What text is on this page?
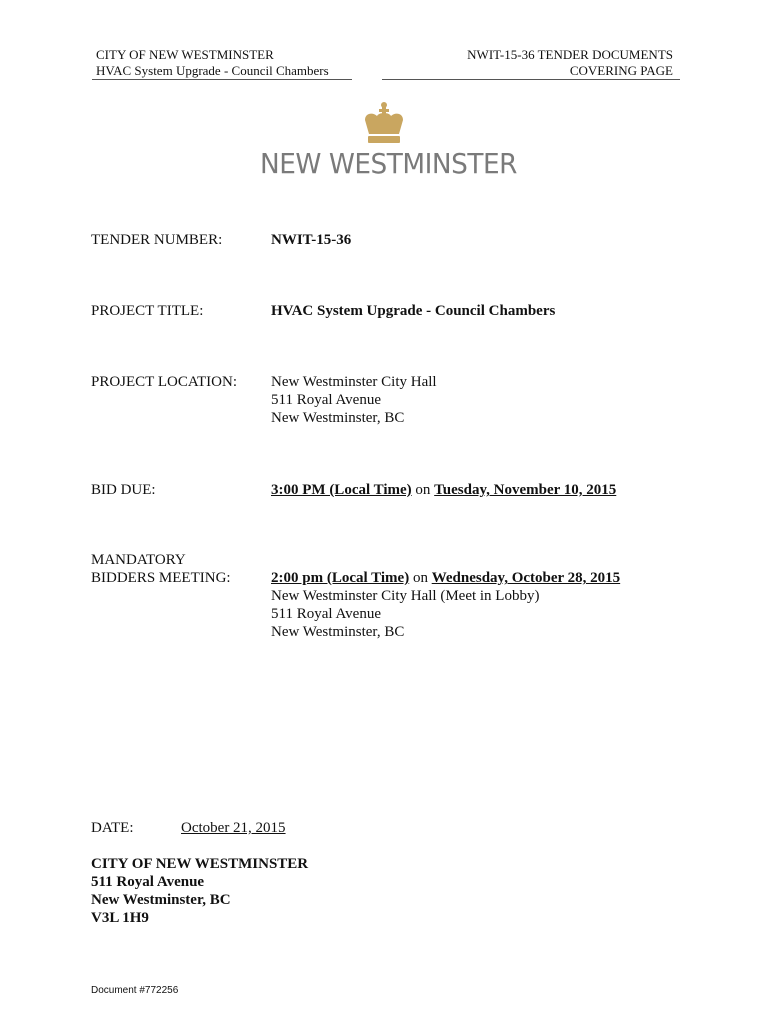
CITY OF NEW WESTMINSTER
HVAC System Upgrade - Council Chambers
NWIT-15-36 TENDER DOCUMENTS
COVERING PAGE
NEW WESTMINSTER
TENDER NUMBER:	NWIT-15-36
PROJECT TITLE:	HVAC System Upgrade - Council Chambers
PROJECT LOCATION: New Westminster City Hall
511 Royal Avenue
New Westminster, BC
BID DUE:	3:00 PM (Local Time) on Tuesday, November 10, 2015
MANDATORY
BIDDERS MEETING:	2:00 pm (Local Time) on Wednesday, October 28, 2015
New Westminster City Hall (Meet in Lobby)
511 Royal Avenue
New Westminster, BC
DATE:	October 21, 2015
CITY OF NEW WESTMINSTER
511 Royal Avenue
New Westminster, BC
V3L 1H9
Document #772256
